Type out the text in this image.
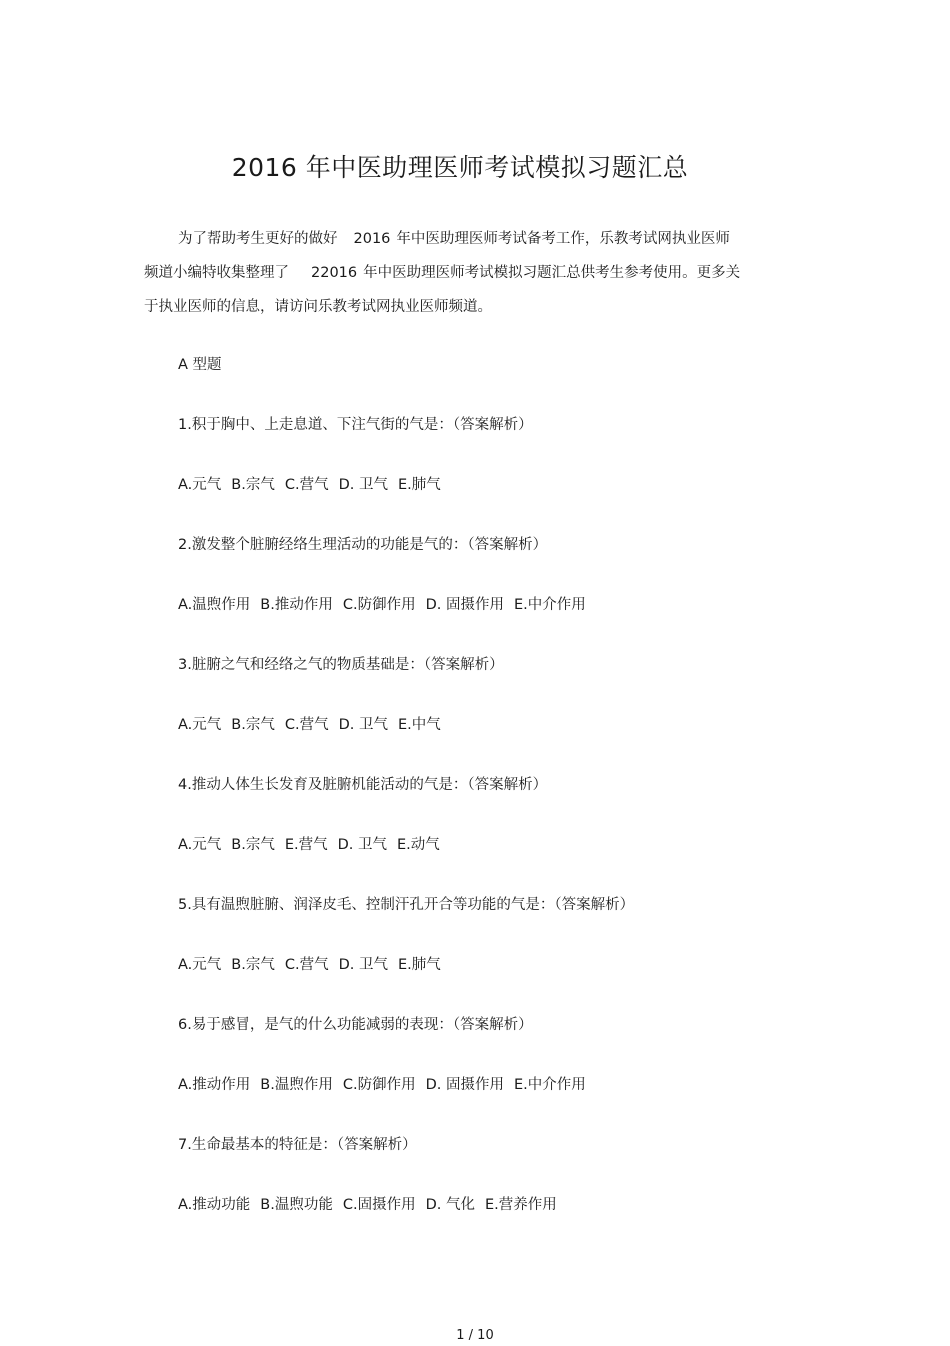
2016 年中医助理医师考试模拟习题汇总
为了帮助考生更好的做好 2016 年中医助理医师考试备考工作，乐教考试网执业医师
频道小编特收集整理了 22016 年中医助理医师考试模拟习题汇总供考生参考使用。更多关
于执业医师的信息，请访问乐教考试网执业医师频道。
A 型题
1.积于胸中、上走息道、下注气街的气是：（答案解析）
A.元气 B.宗气 C.营气 D. 卫气 E.肺气
2.激发整个脏腑经络生理活动的功能是气的：（答案解析）
A.温煦作用 B.推动作用 C.防御作用 D. 固摄作用 E.中介作用
3.脏腑之气和经络之气的物质基础是：（答案解析）
A.元气 B.宗气 C.营气 D. 卫气 E.中气
4.推动人体生长发育及脏腑机能活动的气是：（答案解析）
A.元气 B.宗气 E.营气 D. 卫气 E.动气
5.具有温煦脏腑、润泽皮毛、控制汗孔开合等功能的气是：（答案解析）
A.元气 B.宗气 C.营气 D. 卫气 E.肺气
6.易于感冒，是气的什么功能减弱的表现：（答案解析）
A.推动作用 B.温煦作用 C.防御作用 D. 固摄作用 E.中介作用
7.生命最基本的特征是：（答案解析）
A.推动功能 B.温煦功能 C.固摄作用 D. 气化 E.营养作用
1 / 10
